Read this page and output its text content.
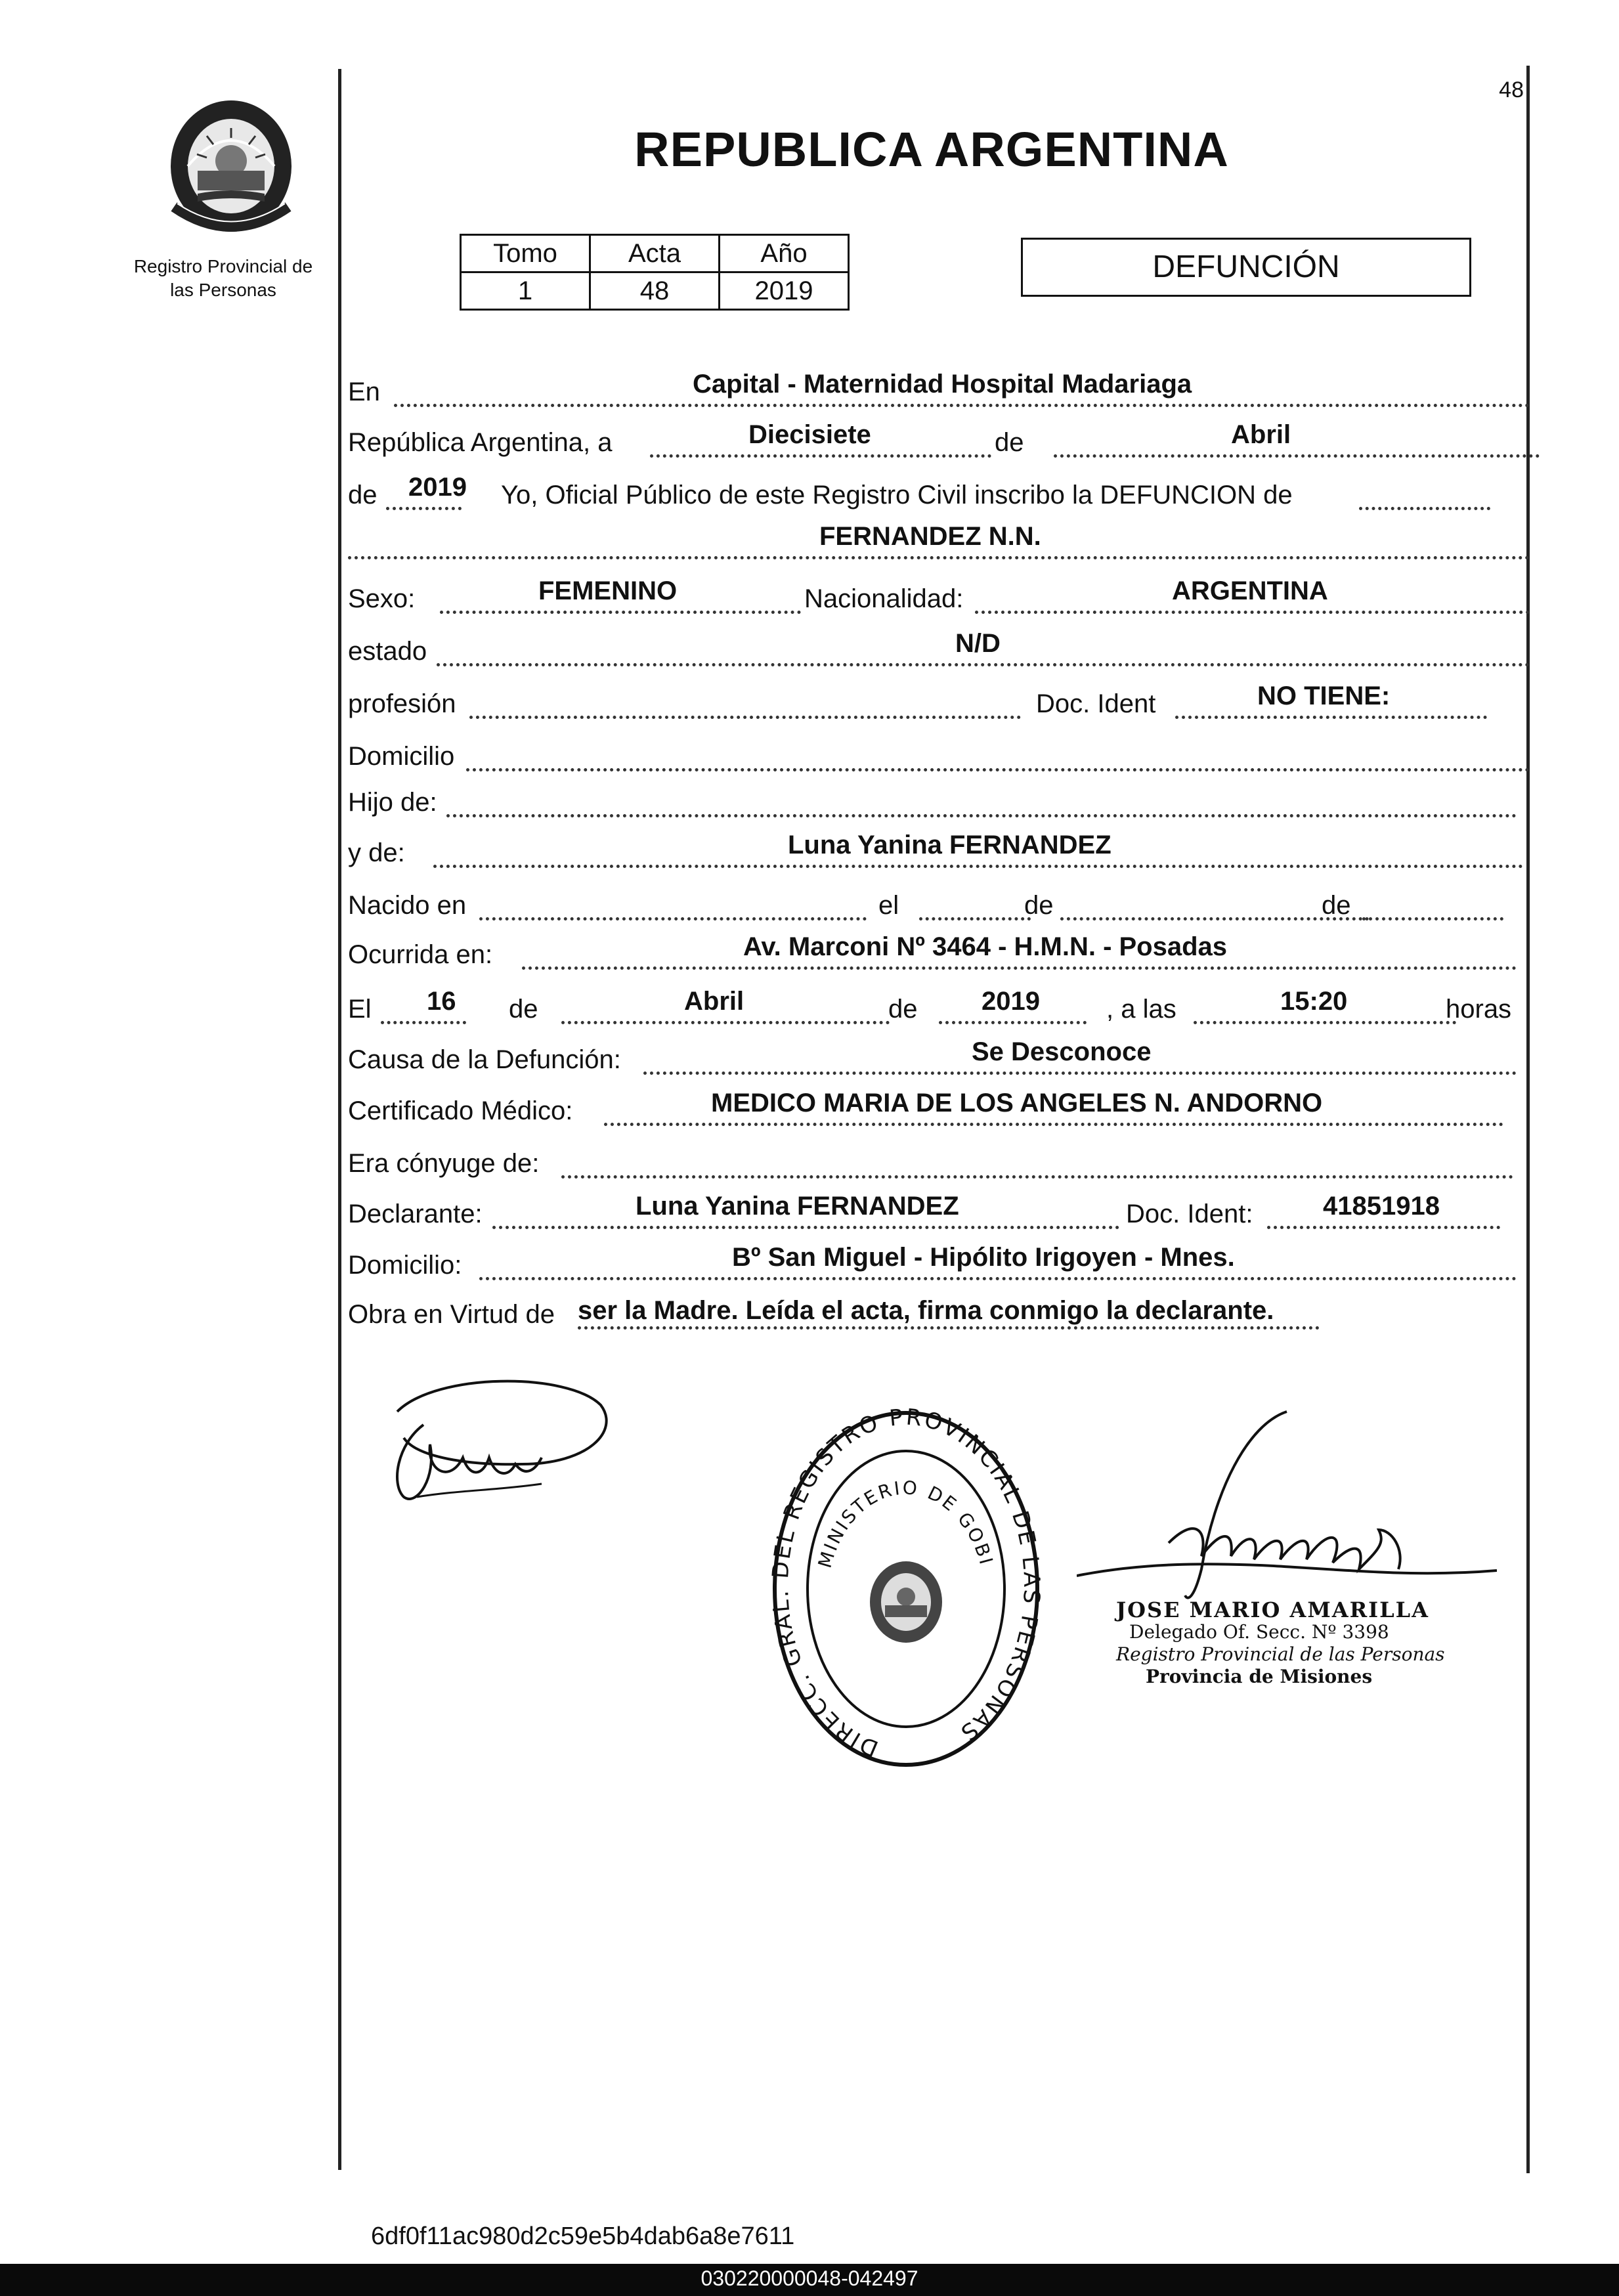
48
Registro Provincial de
las Personas
REPUBLICA ARGENTINA
Tomo	Acta	Año
1	48	2019
DEFUNCIÓN
En	Capital - Maternidad Hospital Madariaga
República Argentina, a	Diecisiete	de	Abril
de 2019 Yo, Oficial Público de este Registro Civil inscribo la DEFUNCION de
FERNANDEZ N.N.
Sexo:	FEMENINO	Nacionalidad:	ARGENTINA
estado	N/D
profesión	Doc. Ident	NO TIENE:
Domicilio
Hijo de:
y de:	Luna Yanina FERNANDEZ
Nacido en	el	de	de
Ocurrida en:	Av. Marconi Nº 3464 - H.M.N. - Posadas
El 16 de	Abril	de 2019	, a las	15:20	horas
Causa de la Defunción:	Se Desconoce
Certificado Médico:	MEDICO MARIA DE LOS ANGELES N. ANDORNO
Era cónyuge de:
Declarante:	Luna Yanina FERNANDEZ	Doc. Ident:	41851918
Domicilio:	Bº San Miguel - Hipólito Irigoyen - Mnes.
Obra en Virtud de ser la Madre. Leída el acta, firma conmigo la declarante.
DIRECC. GRAL. DEL REGISTRO PROVINCIAL DE LAS PERSONAS
MINISTERIO DE GOBI
JOSE MARIO AMARILLA
Delegado Of. Secc. Nº 3398
Registro Provincial de las Personas
Provincia de Misiones
6df0f11ac980d2c59e5b4dab6a8e7611
030220000048-042497
